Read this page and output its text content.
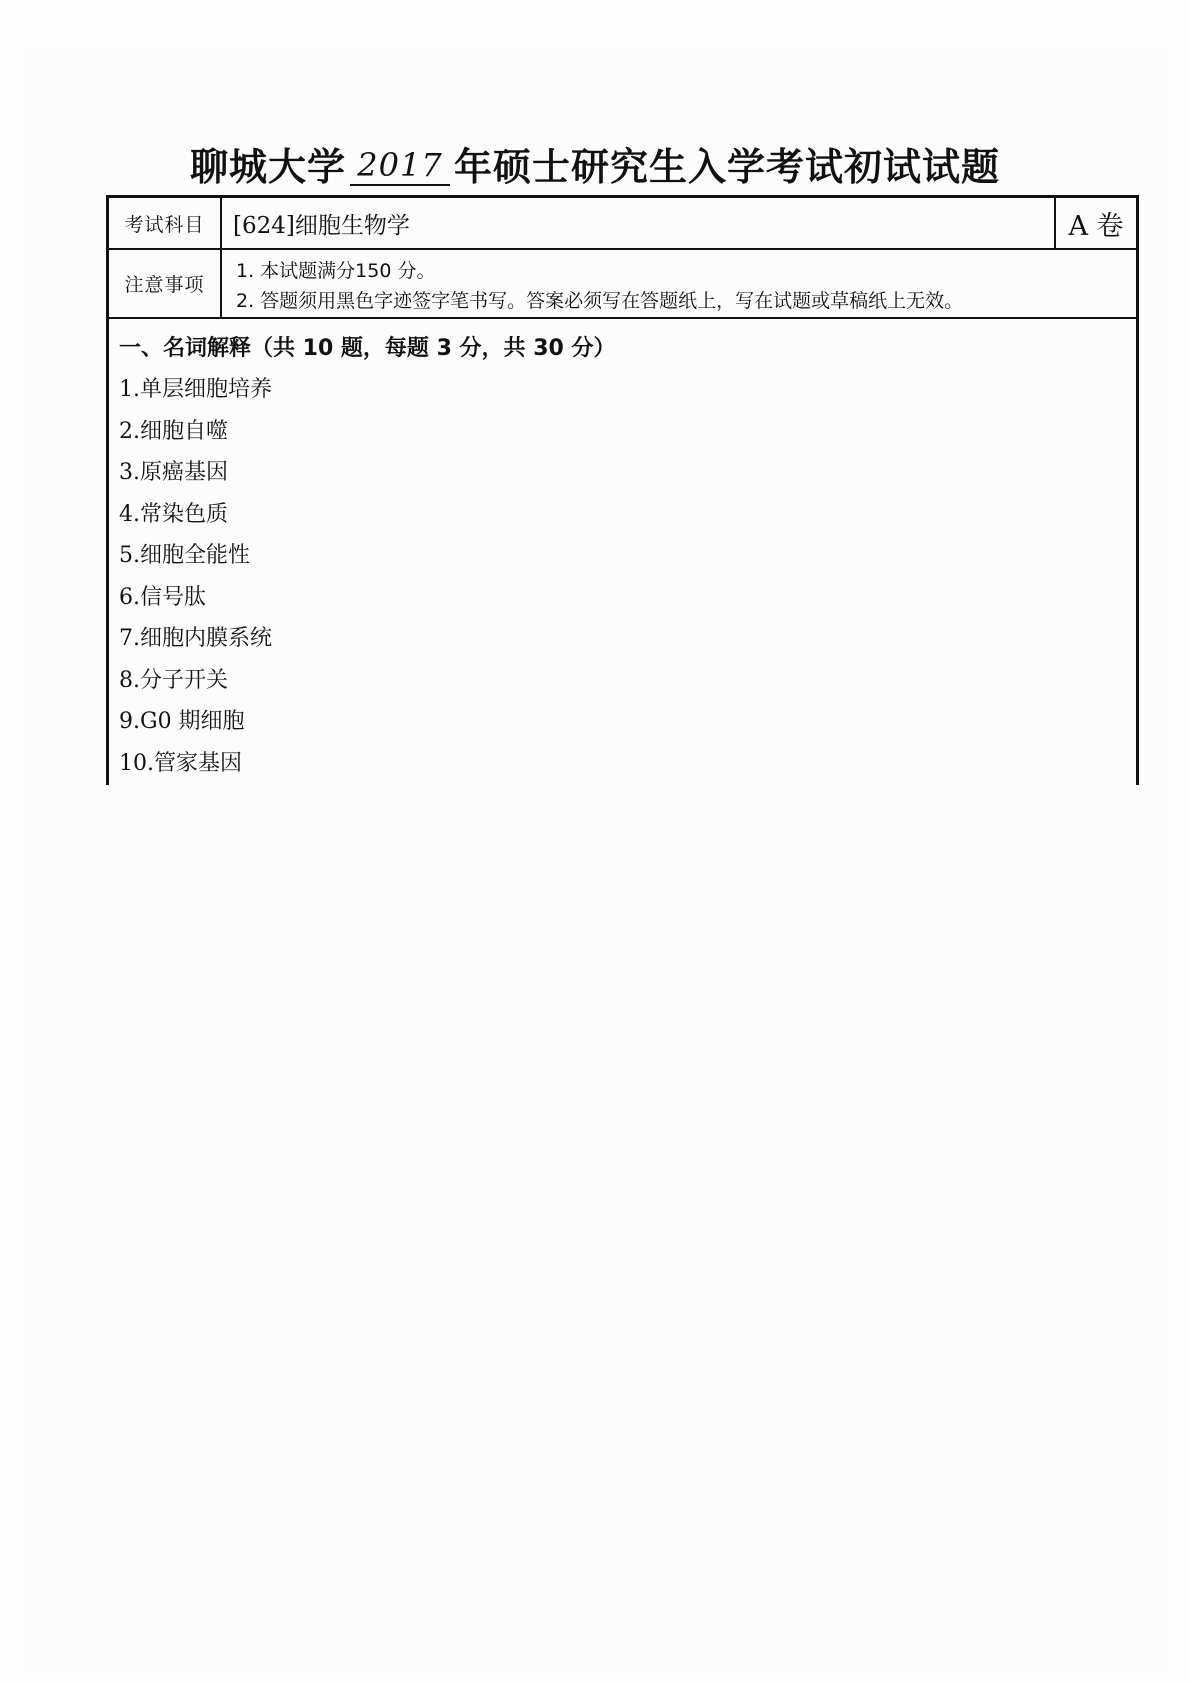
聊城大学 2017 年硕士研究生入学考试初试试题
考试科目	[624]细胞生物学	A 卷
注意事项
1. 本试题满分150 分。
2. 答题须用黑色字迹签字笔书写。答案必须写在答题纸上，写在试题或草稿纸上无效。
一、名词解释（共 10 题，每题 3 分，共 30 分）
1.单层细胞培养
2.细胞自噬
3.原癌基因
4.常染色质
5.细胞全能性
6.信号肽
7.细胞内膜系统
8.分子开关
9.G0 期细胞
10.管家基因
